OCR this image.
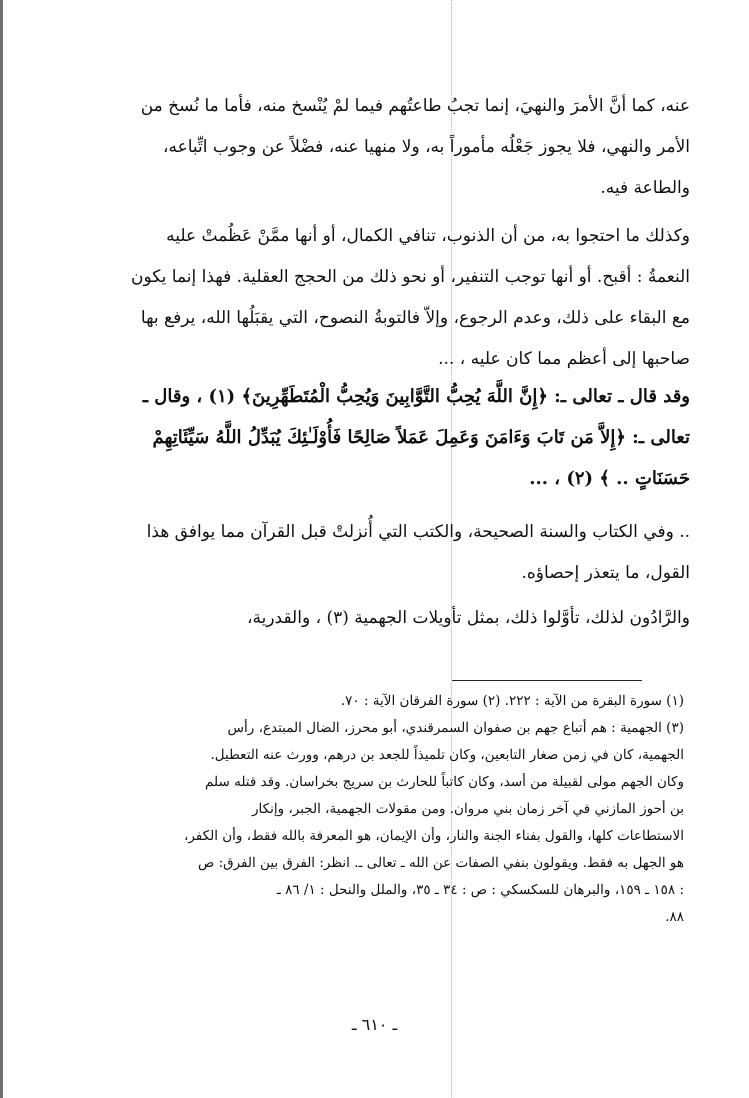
عنه، كما أنَّ الأمرَ والنهيَ، إنما تجبُ طاعتُهم فيما لمْ يُنْسخ منه، فأما ما نُسخ من
الأمر والنهي، فلا يجوز جَعْلُه مأموراً به، ولا منهيا عنه، فضْلاً عن وجوب اتِّباعه،
والطاعة فيه.
وكذلك ما احتجوا به، من أن الذنوب، تنافي الكمال، أو أنها ممَّنْ عَظُمتْ عليه
النعمةُ : أقبح. أو أنها توجب التنفير، أو نحو ذلك من الحجج العقلية. فهذا إنما يكون
مع البقاء على ذلك، وعدم الرجوع، وإلاّ فالتوبةُ النصوح، التي يقبَلُها الله، يرفع بها
صاحبها إلى أعظم مما كان عليه ، ...
وقد قال ـ تعالى ـ: ﴿إِنَّ اللَّهَ يُحِبُّ التَّوَّابِينَ وَيُحِبُّ الْمُتَطَهِّرِينَ﴾ (١) ، وقال ـ
تعالى ـ: ﴿إِلاَّ مَن تَابَ وَءَامَنَ وَعَمِلَ عَمَلاً صَالِحًا فَأُوْلَـٰئِكَ يُبَدِّلُ اللَّهُ سَيِّئَاتِهِمْ
حَسَنَاتٍ .. ﴾ (٢) ، ...
.. وفي الكتاب والسنة الصحيحة، والكتب التي أُنزلتْ قبل القرآن مما يوافق هذا
القول، ما يتعذر إحصاؤه.
والرَّادُون لذلك، تأوَّلوا ذلك، بمثل تأويلات الجهمية (٣) ، والقدرية،
(١) سورة البقرة من الآية : ٢٢٢. (٢) سورة الفرقان الآية : ٧٠.
(٣) الجهمية : هم أتباع جهم بن صفوان السمرقندي، أبو محرز، الضال المبتدع، رأس
الجهمية، كان في زمن صغار التابعين، وكان تلميذاً للجعد بن درهم، وورث عنه التعطيل.
وكان الجهم مولى لقبيلة من أسد، وكان كاتباً للحارث بن سريج بخراسان. وقد قتله سلم
بن أحوز المازني في آخر زمان بني مروان. ومن مقولات الجهمية، الجبر، وإنكار
الاستطاعات كلها، والقول بفناء الجنة والنار، وأن الإيمان، هو المعرفة بالله فقط، وأن الكفر،
هو الجهل به فقط. ويقولون بنفي الصفات عن الله ـ تعالى ـ. انظر: الفرق بين الفرق: ص
: ١٥٨ ـ ١٥٩، والبرهان للسكسكي : ص : ٣٤ ـ ٣٥، والملل والنحل : ١/ ٨٦ ـ
٨٨.
ـ ٦١٠ ـ
